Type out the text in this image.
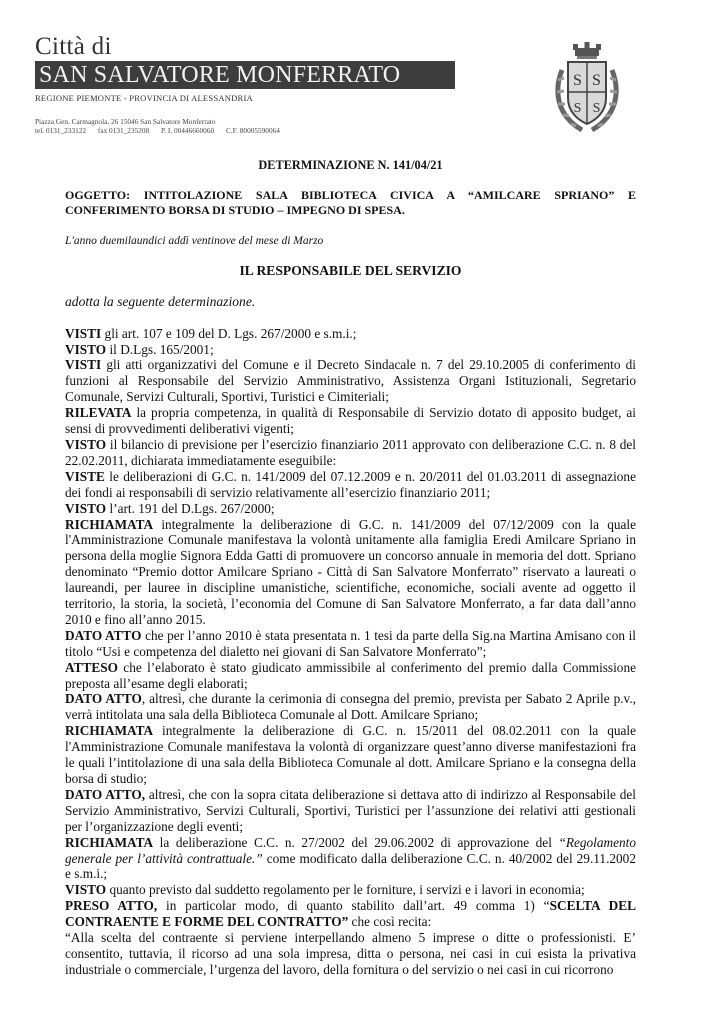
Città di
SAN SALVATORE MONFERRATO
REGIONE PIEMONTE - PROVINCIA DI ALESSANDRIA
Piazza Gen. Carmagnola, 26 15046 San Salvatore Monferrato
tel. 0131_233122 fax 0131_235208 P. I. 00446660060 C.F. 80005590064
S S
S S
DETERMINAZIONE N. 141/04/21
OGGETTO: INTITOLAZIONE SALA BIBLIOTECA CIVICA A “AMILCARE SPRIANO” E CONFERIMENTO BORSA DI STUDIO – IMPEGNO DI SPESA.
L'anno duemilaundici addì ventinove del mese di Marzo
IL RESPONSABILE DEL SERVIZIO
adotta la seguente determinazione.

VISTI gli art. 107 e 109 del D. Lgs. 267/2000 e s.m.i.;

VISTO il D.Lgs. 165/2001;

VISTI gli atti organizzativi del Comune e il Decreto Sindacale n. 7 del 29.10.2005 di conferimento di funzioni al Responsabile del Servizio Amministrativo, Assistenza Organi Istituzionali, Segretario Comunale, Servizi Culturali, Sportivi, Turistici e Cimiteriali;

RILEVATA la propria competenza, in qualità di Responsabile di Servizio dotato di apposito budget, ai sensi di provvedimenti deliberativi vigenti;

VISTO il bilancio di previsione per l’esercizio finanziario 2011 approvato con deliberazione C.C. n. 8 del 22.02.2011, dichiarata immediatamente eseguibile:

VISTE le deliberazioni di G.C. n. 141/2009 del 07.12.2009 e n. 20/2011 del 01.03.2011 di assegnazione dei fondi ai responsabili di servizio relativamente all’esercizio finanziario 2011;

VISTO l’art. 191 del D.Lgs. 267/2000;

RICHIAMATA integralmente la deliberazione di G.C. n. 141/2009 del 07/12/2009 con la quale l'Amministrazione Comunale manifestava la volontà unitamente alla famiglia Eredi Amilcare Spriano in persona della moglie Signora Edda Gatti di promuovere un concorso annuale in memoria del dott. Spriano denominato “Premio dottor Amilcare Spriano - Città di San Salvatore Monferrato” riservato a laureati o laureandi, per lauree in discipline umanistiche, scientifiche, economiche, sociali avente ad oggetto il territorio, la storia, la società, l’economia del Comune di San Salvatore Monferrato, a far data dall’anno 2010 e fino all’anno 2015.

DATO ATTO che per l’anno 2010 è stata presentata n. 1 tesi da parte della Sig.na Martina Amisano con il titolo “Usi e competenza del dialetto nei giovani di San Salvatore Monferrato”;

ATTESO che l’elaborato è stato giudicato ammissibile al conferimento del premio dalla Commissione preposta all’esame degli elaborati;

DATO ATTO, altresì, che durante la cerimonia di consegna del premio, prevista per Sabato 2 Aprile p.v., verrà intitolata una sala della Biblioteca Comunale al Dott. Amilcare Spriano;

RICHIAMATA integralmente la deliberazione di G.C. n. 15/2011 del 08.02.2011 con la quale l'Amministrazione Comunale manifestava la volontà di organizzare quest’anno diverse manifestazioni fra le quali l’intitolazione di una sala della Biblioteca Comunale al dott. Amilcare Spriano e la consegna della borsa di studio;

DATO ATTO, altresì, che con la sopra citata deliberazione si dettava atto di indirizzo al Responsabile del Servizio Amministrativo, Servizi Culturali, Sportivi, Turistici per l’assunzione dei relativi atti gestionali per l’organizzazione degli eventi;

RICHIAMATA la deliberazione C.C. n. 27/2002 del 29.06.2002 di approvazione del “Regolamento generale per l’attività contrattuale.” come modificato dalla deliberazione C.C. n. 40/2002 del 29.11.2002 e s.m.i.;

VISTO quanto previsto dal suddetto regolamento per le forniture, i servizi e i lavori in economia;

PRESO ATTO, in particolar modo, di quanto stabilito dall’art. 49 comma 1) “SCELTA DEL CONTRAENTE E FORME DEL CONTRATTO” che così recita:

“Alla scelta del contraente si perviene interpellando almeno 5 imprese o ditte o professionisti. E’ consentito, tuttavia, il ricorso ad una sola impresa, ditta o persona, nei casi in cui esista la privativa industriale o commerciale, l’urgenza del lavoro, della fornitura o del servizio o nei casi in cui ricorrono
